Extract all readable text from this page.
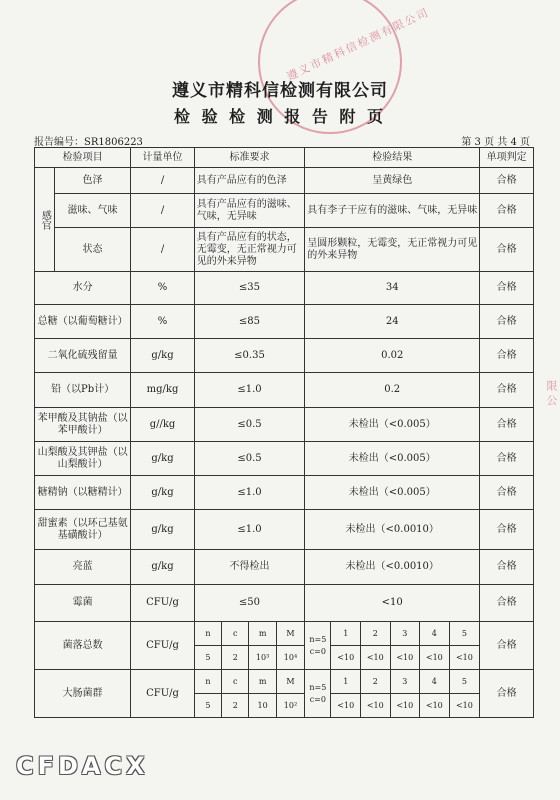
遵义市精科信检测有限公司
遵义市精科信检测有限公司
检 验 检 测 报 告 附 页
报告编号：SR1806223	第 3 页 共 4 页
检验项目		计量单位	标准要求				检验结果						单项判定
感官	色泽	/	具有产品应有的色泽				呈黄绿色						合格
	滋味、气味	/	具有产品应有的滋味、气味，无异味				具有李子干应有的滋味、气味，无异味						合格
	状态	/	具有产品应有的状态，无霉变，无正常视力可见的外来异物				呈圆形颗粒，无霉变，无正常视力可见的外来异物						合格
水分		%	≤35				34						合格
总糖（以葡萄糖计）		%	≤85				24						合格
二氧化硫残留量		g/kg	≤0.35				0.02						合格
铅（以Pb计）		mg/kg	≤1.0				0.2						合格
苯甲酸及其钠盐（以苯甲酸计）		g//kg	≤0.5				未检出（<0.005）						合格
山梨酸及其钾盐（以山梨酸计）		g/kg	≤0.5				未检出（<0.005）						合格
糖精钠（以糖精计）		g/kg	≤1.0				未检出（<0.005）						合格
甜蜜素（以环己基氨基磺酸计）		g/kg	≤1.0				未检出（<0.0010）						合格
亮蓝		g/kg	不得检出				未检出（<0.0010）						合格
霉菌		CFU/g	≤50				<10						合格
菌落总数		CFU/g	n	c	m	M	n=5 c=0	1	2	3	4	5	合格
			5	2	10³	10⁴		<10	<10	<10	<10	<10	
大肠菌群		CFU/g	n	c	m	M	n=5 c=0	1	2	3	4	5	合格
			5	2	10	10²		<10	<10	<10	<10	<10	
限 公
CFDACX
